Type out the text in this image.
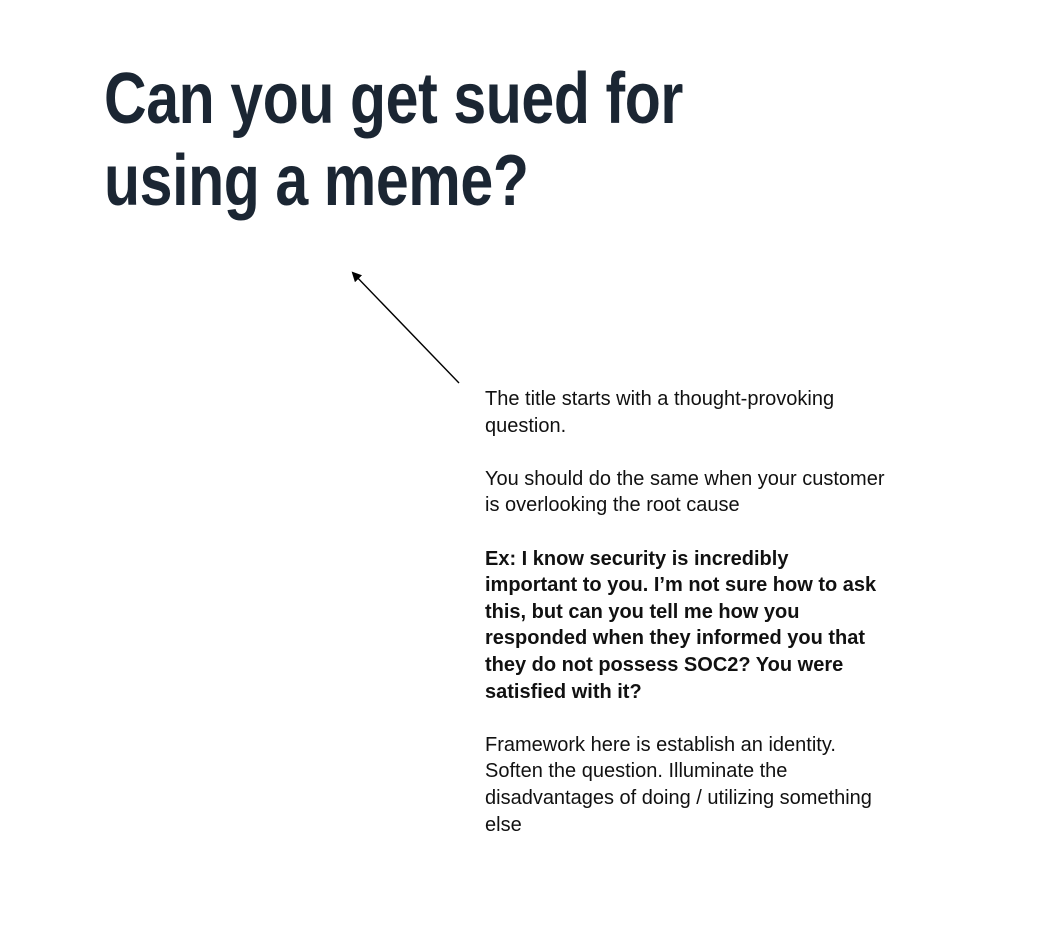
Can you get sued for using a meme?

The title starts with a thought-provoking question.

You should do the same when your customer is overlooking the root cause

Ex: I know security is incredibly important to you. I’m not sure how to ask this, but can you tell me how you responded when they informed you that they do not possess SOC2? You were satisfied with it?

Framework here is establish an identity. Soften the question. Illuminate the disadvantages of doing / utilizing something else
